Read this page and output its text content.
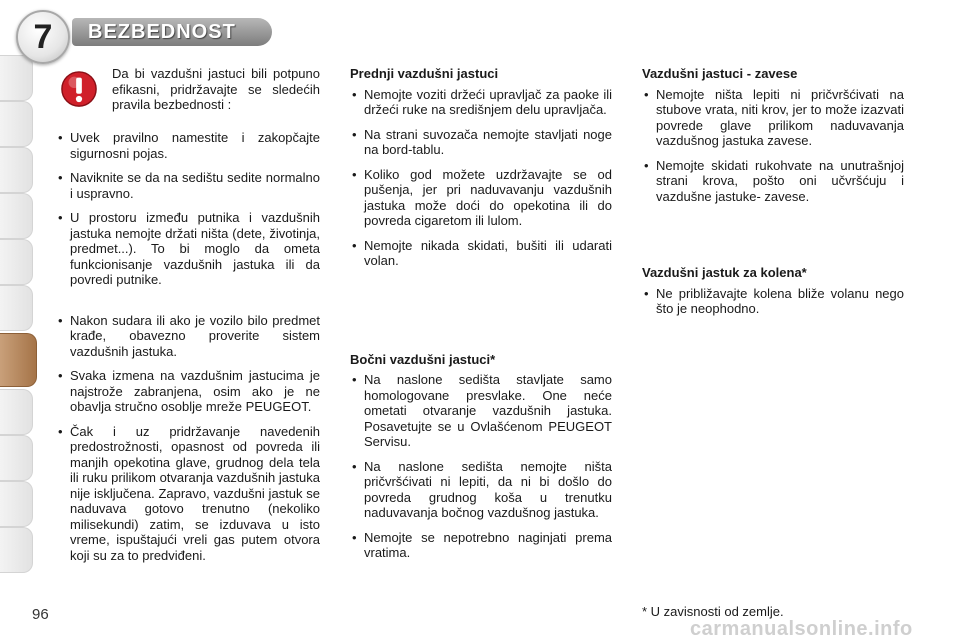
7 BEZBEDNOST
Da bi vazdušni jastuci bili potpuno efikasni, pridržavajte se sledećih pravila bezbednosti :
• Uvek pravilno namestite i zakopčajte sigurnosni pojas.
• Naviknite se da na sedištu sedite normalno i uspravno.
• U prostoru između putnika i vazdušnih jastuka nemojte držati ništa (dete, životinja, predmet...). To bi moglo da ometa funkcionisanje vazdušnih jastuka ili da povredi putnike.
• Nakon sudara ili ako je vozilo bilo predmet krađe, obavezno proverite sistem vazdušnih jastuka.
• Svaka izmena na vazdušnim jastucima je najstrože zabranjena, osim ako je ne obavlja stručno osoblje mreže PEUGEOT.
• Čak i uz pridržavanje navedenih predostrožnosti, opasnost od povreda ili manjih opekotina glave, grudnog dela tela ili ruku prilikom otvaranja vazdušnih jastuka nije isključena. Zapravo, vazdušni jastuk se naduvava gotovo trenutno (nekoliko milisekundi) zatim, se izduvava u isto vreme, ispuštajući vreli gas putem otvora koji su za to predviđeni.
Prednji vazdušni jastuci
• Nemojte voziti držeći upravljač za paoke ili držeći ruke na središnjem delu upravljača.
• Na strani suvozača nemojte stavljati noge na bord-tablu.
• Koliko god možete uzdržavajte se od pušenja, jer pri naduvavanju vazdušnih jastuka može doći do opekotina ili do povreda cigaretom ili lulom.
• Nemojte nikada skidati, bušiti ili udarati volan.
Bočni vazdušni jastuci*
• Na naslone sedišta stavljate samo homologovane presvlake. One neće ometati otvaranje vazdušnih jastuka. Posavetujte se u Ovlašćenom PEUGEOT Servisu.
• Na naslone sedišta nemojte ništa pričvršćivati ni lepiti, da ni bi došlo do povreda grudnog koša u trenutku naduvavanja bočnog vazdušnog jastuka.
• Nemojte se nepotrebno naginjati prema vratima.
Vazdušni jastuci - zavese
• Nemojte ništa lepiti ni pričvršćivati na stubove vrata, niti krov, jer to može izazvati povrede glave prilikom naduvavanja vazdušnog jastuka zavese.
• Nemojte skidati rukohvate na unutrašnjoj strani krova, pošto oni učvršćuju i vazdušne jastuke- zavese.
Vazdušni jastuk za kolena*
• Ne približavajte kolena bliže volanu nego što je neophodno.
96	* U zavisnosti od zemlje.
carmanualsonline.info
